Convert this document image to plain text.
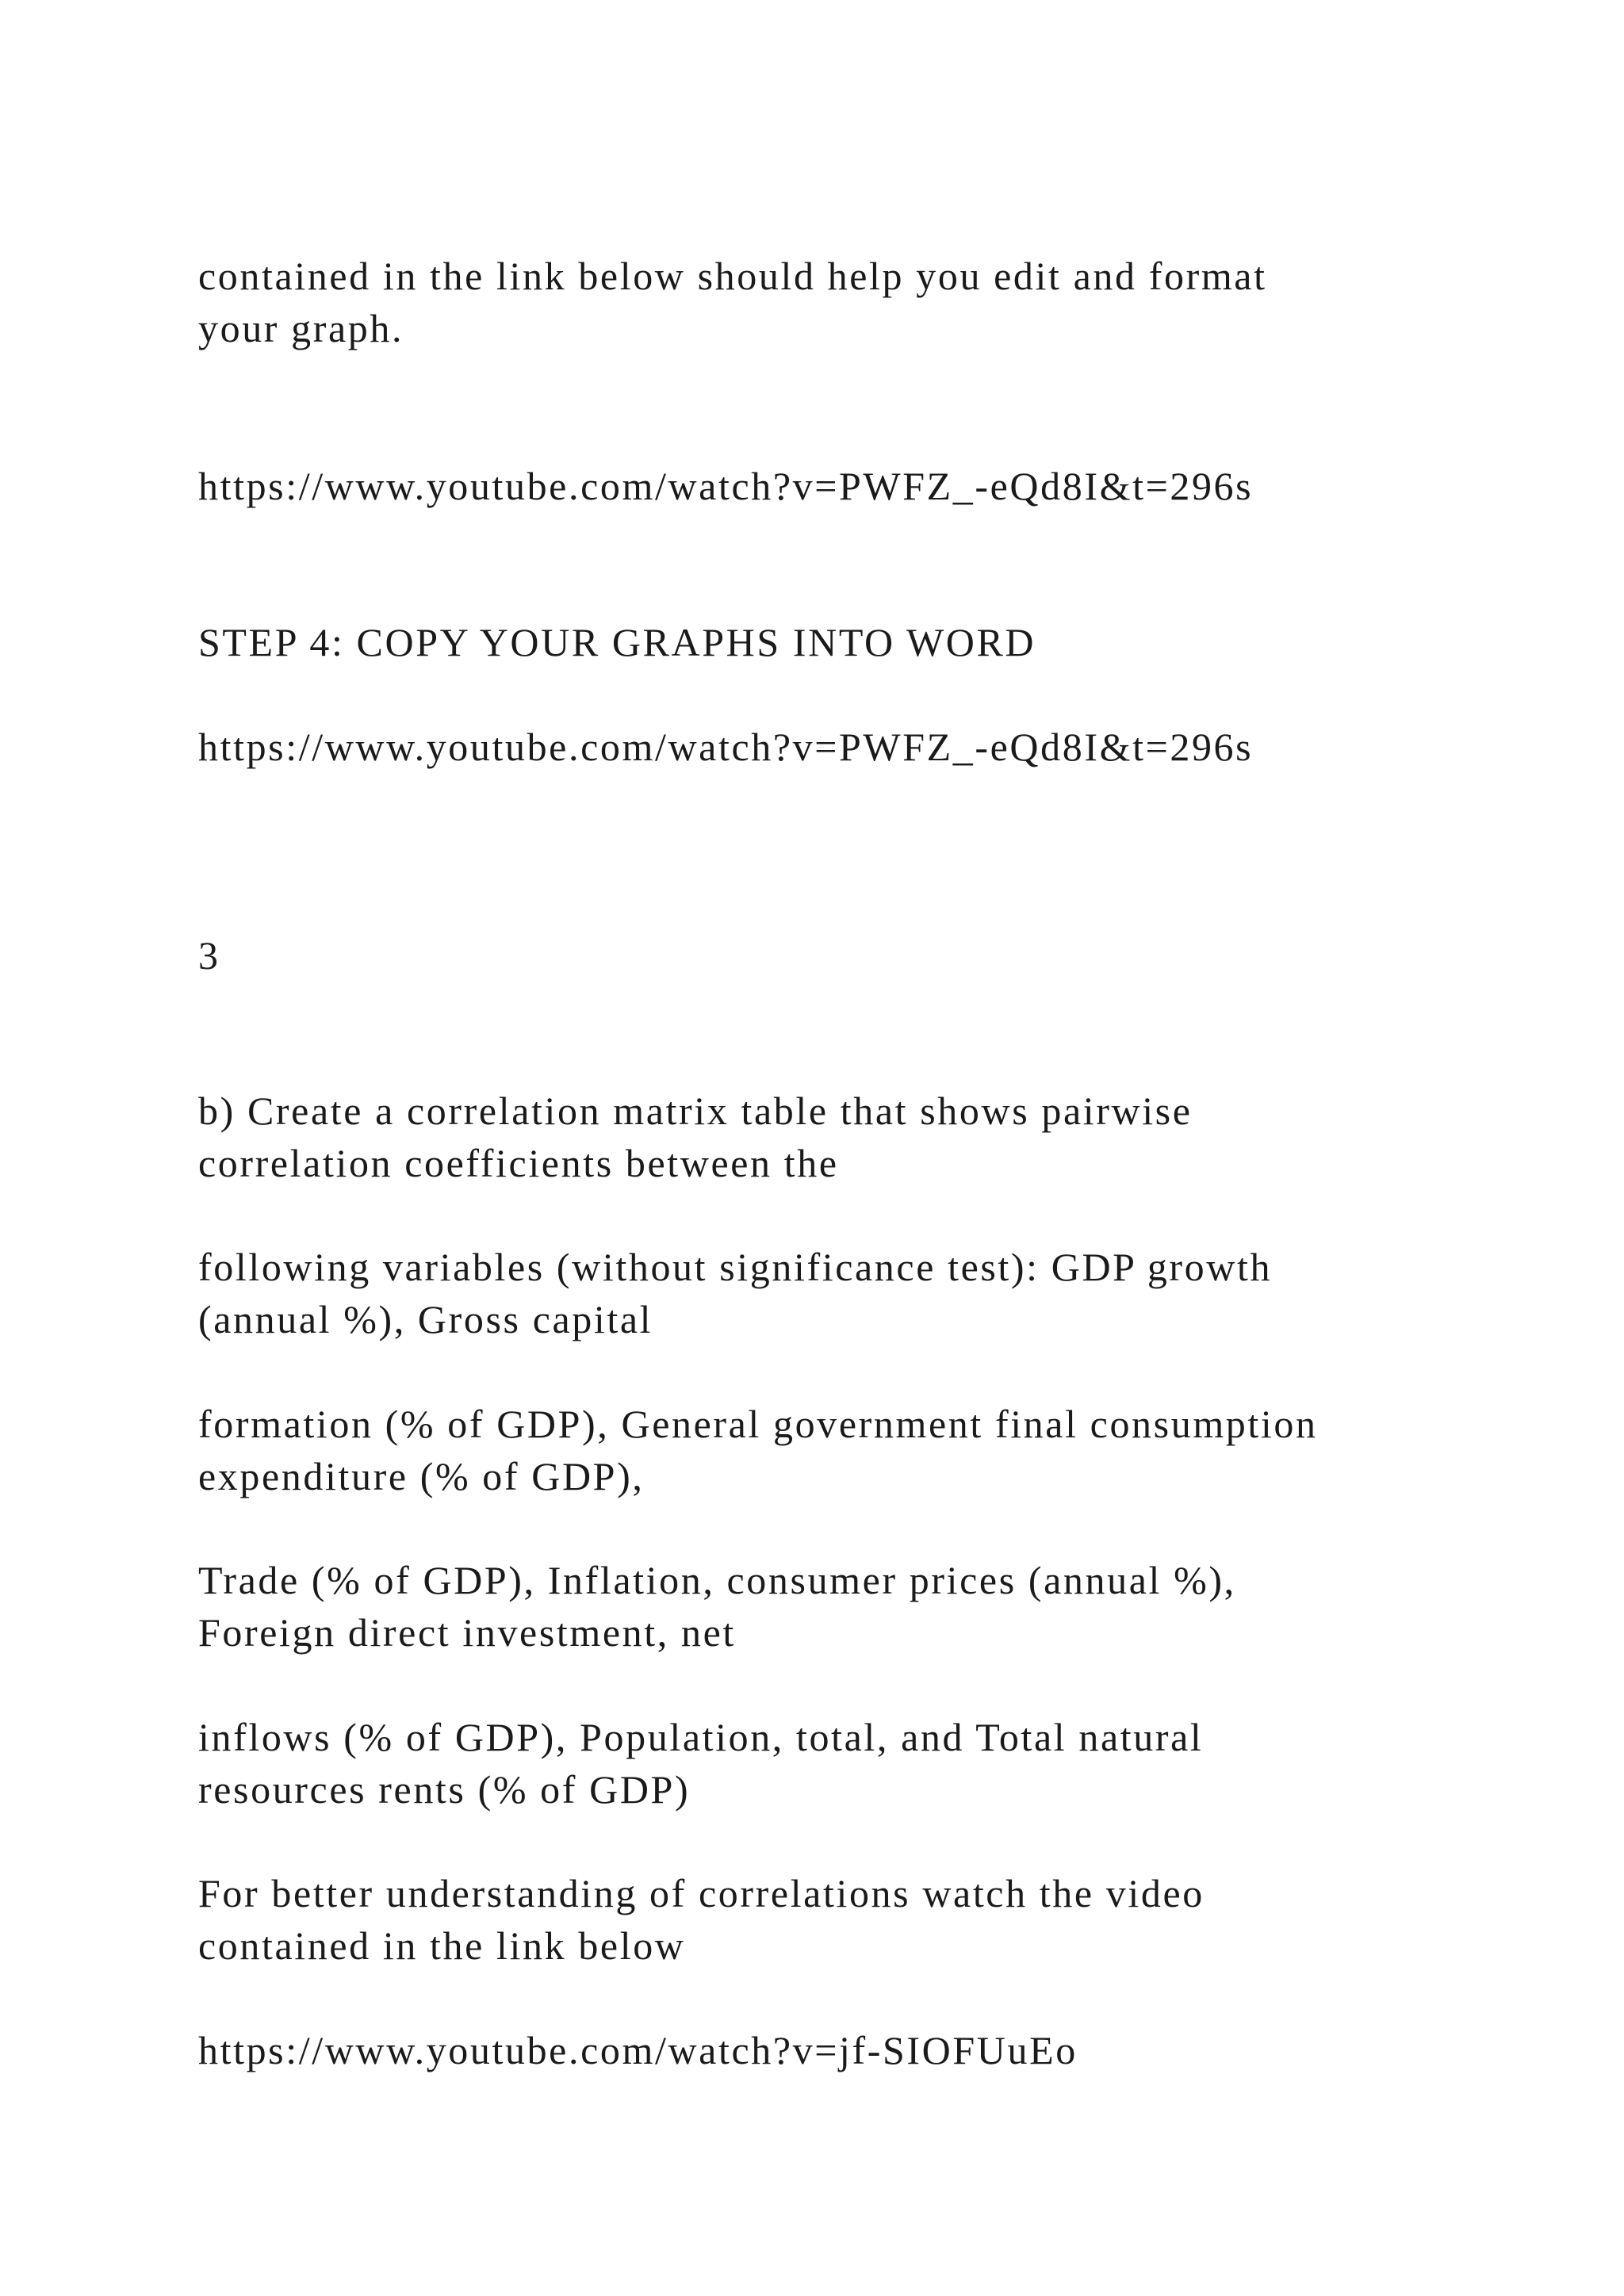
contained in the link below should help you edit and format
your graph.
https://www.youtube.com/watch?v=PWFZ_-eQd8I&t=296s
STEP 4: COPY YOUR GRAPHS INTO WORD
https://www.youtube.com/watch?v=PWFZ_-eQd8I&t=296s
3
b) Create a correlation matrix table that shows pairwise
correlation coefficients between the
following variables (without significance test): GDP growth
(annual %), Gross capital
formation (% of GDP), General government final consumption
expenditure (% of GDP),
Trade (% of GDP), Inflation, consumer prices (annual %),
Foreign direct investment, net
inflows (% of GDP), Population, total, and Total natural
resources rents (% of GDP)
For better understanding of correlations watch the video
contained in the link below
https://www.youtube.com/watch?v=jf-SIOFUuEo
